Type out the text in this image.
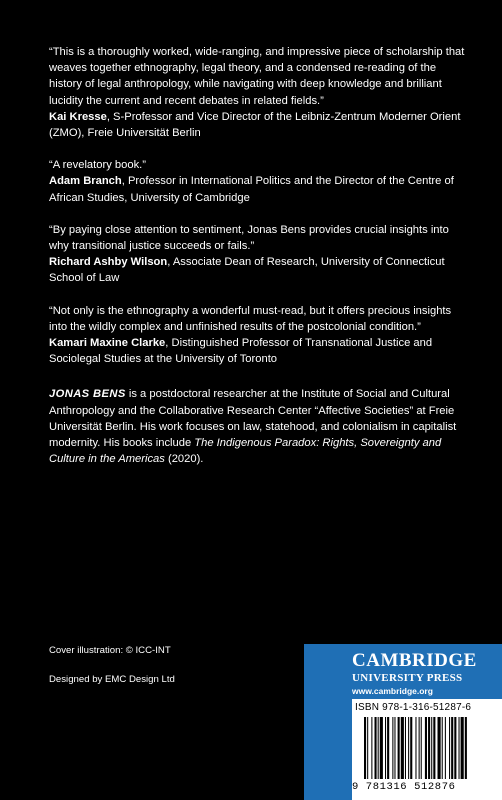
“This is a thoroughly worked, wide-ranging, and impressive piece of scholarship that weaves together ethnography, legal theory, and a condensed re-reading of the history of legal anthropology, while navigating with deep knowledge and brilliant lucidity the current and recent debates in related fields.”

Kai Kresse, S-Professor and Vice Director of the Leibniz-Zentrum Moderner Orient (ZMO), Freie Universität Berlin

“A revelatory book.”

Adam Branch, Professor in International Politics and the Director of the Centre of African Studies, University of Cambridge

“By paying close attention to sentiment, Jonas Bens provides crucial insights into why transitional justice succeeds or fails.”

Richard Ashby Wilson, Associate Dean of Research, University of Connecticut School of Law

“Not only is the ethnography a wonderful must-read, but it offers precious insights into the wildly complex and unfinished results of the postcolonial condition.”

Kamari Maxine Clarke, Distinguished Professor of Transnational Justice and Sociolegal Studies at the University of Toronto

JONAS BENS is a postdoctoral researcher at the Institute of Social and Cultural Anthropology and the Collaborative Research Center “Affective Societies” at Freie Universität Berlin. His work focuses on law, statehood, and colonialism in capitalist modernity. His books include The Indigenous Paradox: Rights, Sovereignty and Culture in the Americas (2020).

Cover illustration: © ICC-INT
Designed by EMC Design Ltd
CAMBRIDGE
UNIVERSITY PRESS
www.cambridge.org
ISBN 978-1-316-51287-6
9 781316 512876
